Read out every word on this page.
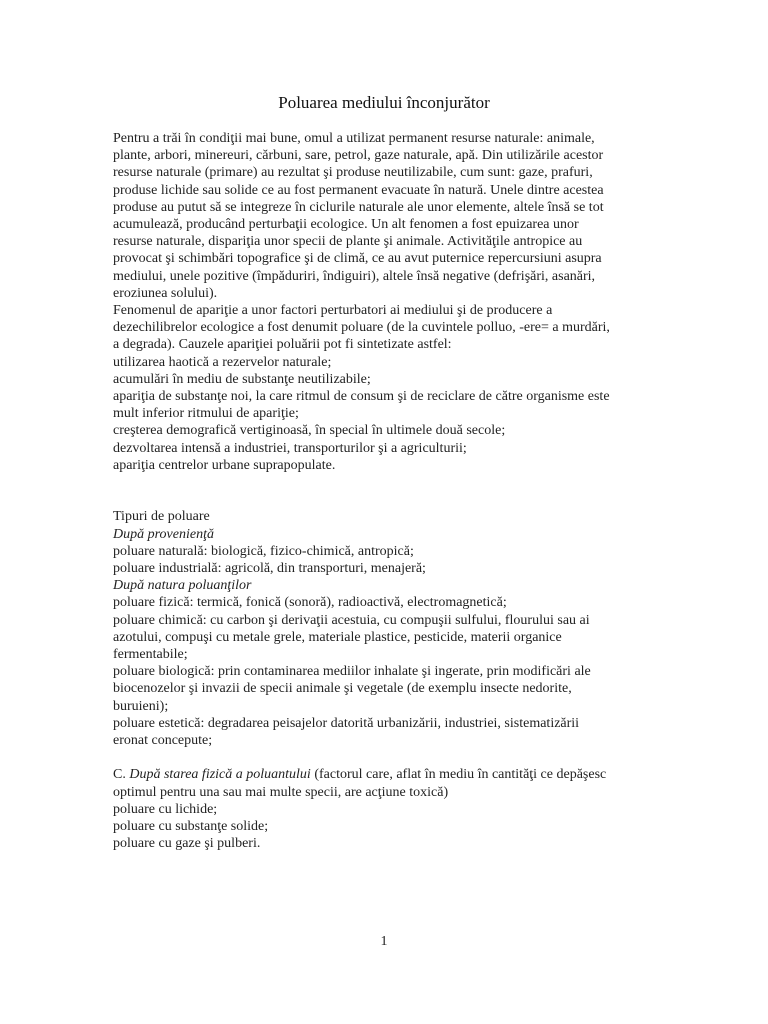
Poluarea mediului înconjurător

Pentru a trăi în condiţii mai bune, omul a utilizat permanent resurse naturale: animale,
plante, arbori, minereuri, cărbuni, sare, petrol, gaze naturale, apă. Din utilizările acestor
resurse naturale (primare) au rezultat şi produse neutilizabile, cum sunt: gaze, prafuri,
produse lichide sau solide ce au fost permanent evacuate în natură. Unele dintre acestea
produse au putut să se integreze în ciclurile naturale ale unor elemente, altele însă se tot
acumulează, producând perturbaţii ecologice. Un alt fenomen a fost epuizarea unor
resurse naturale, dispariţia unor specii de plante şi animale. Activităţile antropice au
provocat şi schimbări topografice şi de climă, ce au avut puternice repercursiuni asupra
mediului, unele pozitive (împăduriri, îndiguiri), altele însă negative (defrişări, asanări,
eroziunea solului).
Fenomenul de apariţie a unor factori perturbatori ai mediului şi de producere a
dezechilibrelor ecologice a fost denumit poluare (de la cuvintele polluo, -ere= a murdări,
a degrada). Cauzele apariţiei poluării pot fi sintetizate astfel:
utilizarea haotică a rezervelor naturale;
acumulări în mediu de substanţe neutilizabile;
apariţia de substanţe noi, la care ritmul de consum şi de reciclare de către organisme este
mult inferior ritmului de apariţie;
creşterea demografică vertiginoasă, în special în ultimele două secole;
dezvoltarea intensă a industriei, transporturilor şi a agriculturii;
apariţia centrelor urbane suprapopulate.

Tipuri de poluare
După provenienţă
poluare naturală: biologică, fizico-chimică, antropică;
poluare industrială: agricolă, din transporturi, menajeră;
După natura poluanţilor
poluare fizică: termică, fonică (sonoră), radioactivă, electromagnetică;
poluare chimică: cu carbon şi derivaţii acestuia, cu compuşii sulfului, flourului sau ai
azotului, compuşi cu metale grele, materiale plastice, pesticide, materii organice
fermentabile;
poluare biologică: prin contaminarea mediilor inhalate şi ingerate, prin modificări ale
biocenozelor şi invazii de specii animale şi vegetale (de exemplu insecte nedorite,
buruieni);
poluare estetică: degradarea peisajelor datorită urbanizării, industriei, sistematizării
eronat concepute;

C. După starea fizică a poluantului (factorul care, aflat în mediu în cantităţi ce depăşesc
optimul pentru una sau mai multe specii, are acţiune toxică)
poluare cu lichide;
poluare cu substanţe solide;
poluare cu gaze şi pulberi.

1
